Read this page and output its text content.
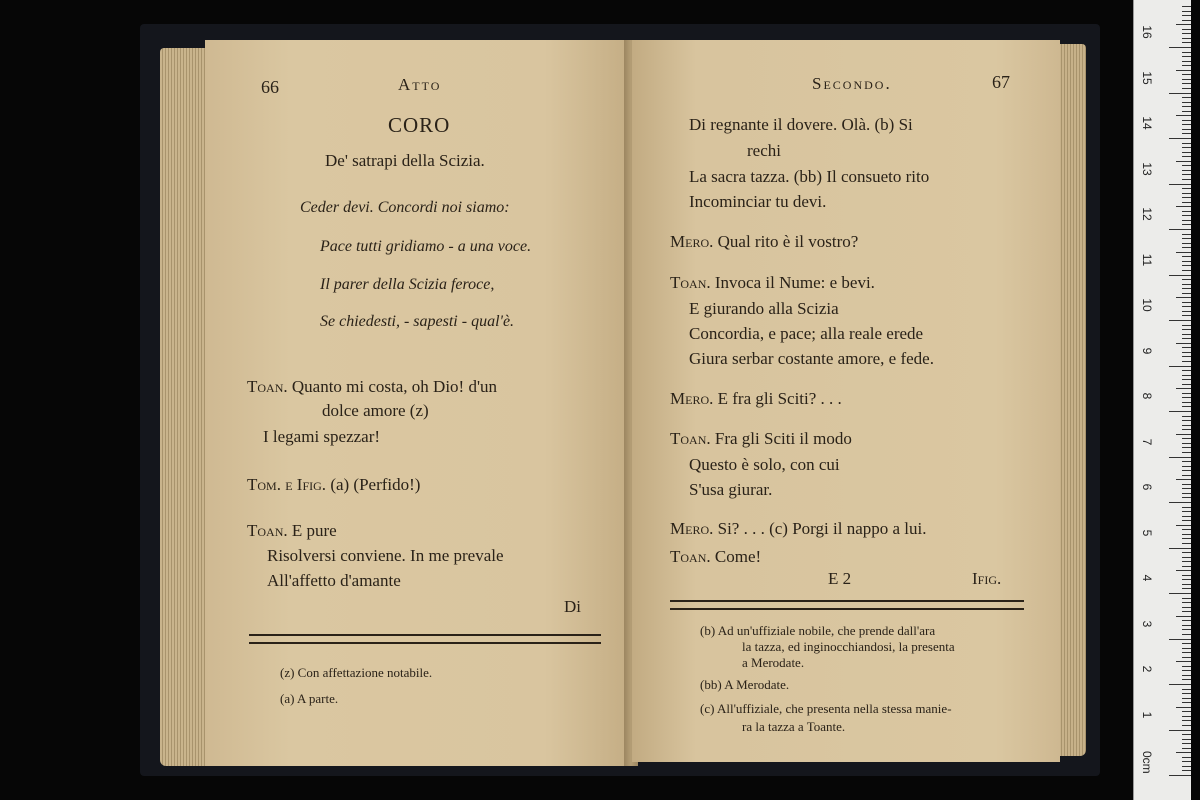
66	Atto
CORO
De' satrapi della Scizia.
Ceder devi. Concordi noi siamo:
Pace tutti gridiamo - a una voce.
Il parer della Scizia feroce,
Se chiedesti, - sapesti - qual'è.
Toan. Quanto mi costa, oh Dio! d'un
dolce amore (z)
I legami spezzar!
Tom. e Ifig. (a) (Perfido!)
Toan. E pure
Risolversi conviene. In me prevale
All'affetto d'amante
Di
(z) Con affettazione notabile.
(a) A parte.
Secondo.	67
Di regnante il dovere. Olà. (b) Si
rechi
La sacra tazza. (bb) Il consueto rito
Incominciar tu devi.
Mero. Qual rito è il vostro?
Toan. Invoca il Nume: e bevi.
E giurando alla Scizia
Concordia, e pace; alla reale erede
Giura serbar costante amore, e fede.
Mero. E fra gli Sciti? . . .
Toan. Fra gli Sciti il modo
Questo è solo, con cui
S'usa giurar.
Mero. Si? . . . (c) Porgi il nappo a lui.
Toan. Come!
E 2	Ifig.
(b) Ad un'uffiziale nobile, che prende dall'ara
la tazza, ed inginocchiandosi, la presenta
a Merodate.
(bb) A Merodate.
(c) All'uffiziale, che presenta nella stessa manie-
ra la tazza a Toante.
0cm
1
2
3
4
5
6
7
8
9
10
11
12
13
14
15
16
